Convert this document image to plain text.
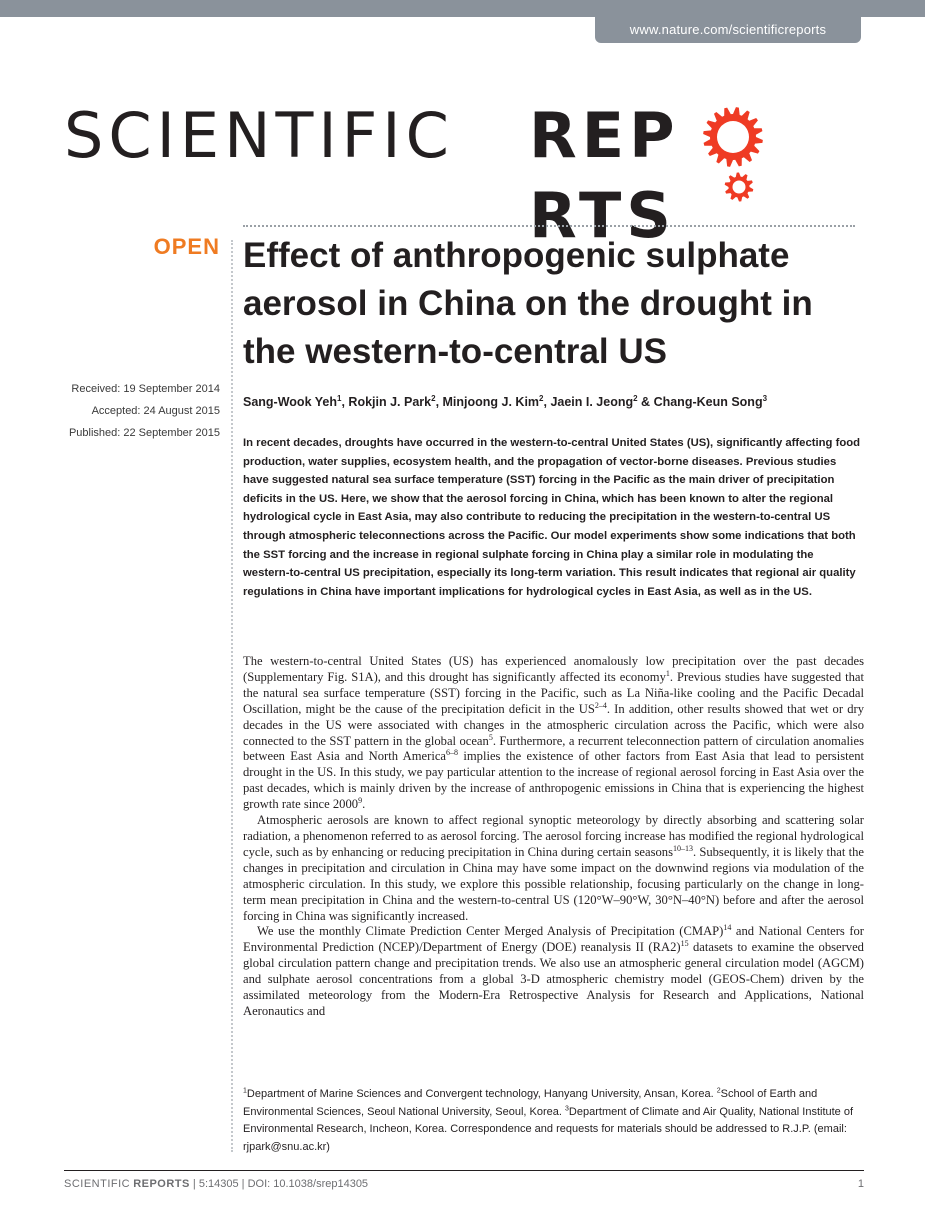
www.nature.com/scientificreports
SCIENTIFIC REPRTS
OPEN
Received: 19 September 2014
Accepted: 24 August 2015
Published: 22 September 2015
Effect of anthropogenic sulphate aerosol in China on the drought in the western-to-central US
Sang-Wook Yeh$^1$, Rokjin J. Park$^2$, Minjoong J. Kim$^2$, Jaein I. Jeong$^2$ & Chang-Keun Song$^3$

In recent decades, droughts have occurred in the western-to-central United States (US), significantly affecting food production, water supplies, ecosystem health, and the propagation of vector-borne diseases. Previous studies have suggested natural sea surface temperature (SST) forcing in the Pacific as the main driver of precipitation deficits in the US. Here, we show that the aerosol forcing in China, which has been known to alter the regional hydrological cycle in East Asia, may also contribute to reducing the precipitation in the western-to-central US through atmospheric teleconnections across the Pacific. Our model experiments show some indications that both the SST forcing and the increase in regional sulphate forcing in China play a similar role in modulating the western-to-central US precipitation, especially its long-term variation. This result indicates that regional air quality regulations in China have important implications for hydrological cycles in East Asia, as well as in the US.

The western-to-central United States (US) has experienced anomalously low precipitation over the past decades (Supplementary Fig. S1A), and this drought has significantly affected its economy$^1$. Previous studies have suggested that the natural sea surface temperature (SST) forcing in the Pacific, such as La Niña-like cooling and the Pacific Decadal Oscillation, might be the cause of the precipitation deficit in the US$^{2-4}$. In addition, other results showed that wet or dry decades in the US were associated with changes in the atmospheric circulation across the Pacific, which were also connected to the SST pattern in the global ocean$^5$. Furthermore, a recurrent teleconnection pattern of circulation anomalies between East Asia and North America$^{6-8}$ implies the existence of other factors from East Asia that lead to persistent drought in the US. In this study, we pay particular attention to the increase of regional aerosol forcing in East Asia over the past decades, which is mainly driven by the increase of anthropogenic emissions in China that is experiencing the highest growth rate since 2000$^9$.

Atmospheric aerosols are known to affect regional synoptic meteorology by directly absorbing and scattering solar radiation, a phenomenon referred to as aerosol forcing. The aerosol forcing increase has modified the regional hydrological cycle, such as by enhancing or reducing precipitation in China during certain seasons$^{10-13}$. Subsequently, it is likely that the changes in precipitation and circulation in China may have some impact on the downwind regions via modulation of the atmospheric circulation. In this study, we explore this possible relationship, focusing particularly on the change in long-term mean precipitation in China and the western-to-central US (120°W–90°W, 30°N–40°N) before and after the aerosol forcing in China was significantly increased.

We use the monthly Climate Prediction Center Merged Analysis of Precipitation (CMAP)$^{14}$ and National Centers for Environmental Prediction (NCEP)/Department of Energy (DOE) reanalysis II $(RA2)^{15}$ datasets to examine the observed global circulation pattern change and precipitation trends. We also use an atmospheric general circulation model (AGCM) and sulphate aerosol concentrations from a global 3-D atmospheric chemistry model (GEOS-Chem) driven by the assimilated meteorology from the Modern-Era Retrospective Analysis for Research and Applications, National Aeronautics and

$^1$Department of Marine Sciences and Convergent technology, Hanyang University, Ansan, Korea. $^2$School of Earth and Environmental Sciences, Seoul National University, Seoul, Korea. $^3$Department of Climate and Air Quality, National Institute of Environmental Research, Incheon, Korea. Correspondence and requests for materials should be addressed to R.J.P. (email: rjpark@snu.ac.kr)

SCIENTIFIC REPORTS | 5:14305 | DOI: 10.1038/srep14305	1
